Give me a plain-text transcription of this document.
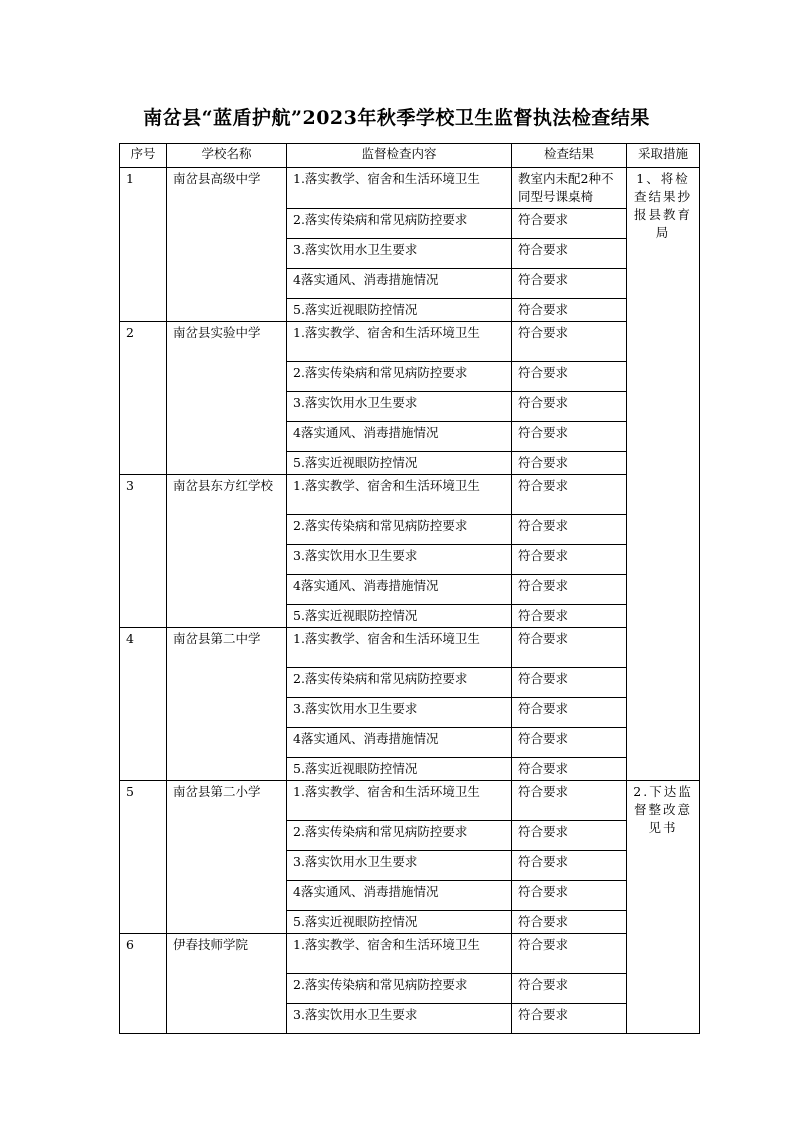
南岔县“蓝盾护航”2023年秋季学校卫生监督执法检查结果
序号	学校名称	监督检查内容	检查结果	采取措施
1	南岔县高级中学	1.落实教学、宿舍和生活环境卫生	教室内未配2种不同型号课桌椅	1、将检查结果抄报县教育局

		2.落实传染病和常见病防控要求	符合要求	
		3.落实饮用水卫生要求	符合要求	
		4落实通风、消毒措施情况	符合要求	
		5.落实近视眼防控情况	符合要求	
2	南岔县实验中学	1.落实教学、宿舍和生活环境卫生	符合要求	
		2.落实传染病和常见病防控要求	符合要求	
		3.落实饮用水卫生要求	符合要求	
		4落实通风、消毒措施情况	符合要求	
		5.落实近视眼防控情况	符合要求	
3	南岔县东方红学校	1.落实教学、宿舍和生活环境卫生	符合要求	
		2.落实传染病和常见病防控要求	符合要求	
		3.落实饮用水卫生要求	符合要求	
		4落实通风、消毒措施情况	符合要求	
		5.落实近视眼防控情况	符合要求	
4	南岔县第二中学	1.落实教学、宿舍和生活环境卫生	符合要求	
		2.落实传染病和常见病防控要求	符合要求	
		3.落实饮用水卫生要求	符合要求	
		4落实通风、消毒措施情况	符合要求	
		5.落实近视眼防控情况	符合要求	
5	南岔县第二小学	1.落实教学、宿舍和生活环境卫生	符合要求	2.下达监督整改意见书

		2.落实传染病和常见病防控要求	符合要求	
		3.落实饮用水卫生要求	符合要求	
		4落实通风、消毒措施情况	符合要求	
		5.落实近视眼防控情况	符合要求	
6	伊春技师学院	1.落实教学、宿舍和生活环境卫生	符合要求	
		2.落实传染病和常见病防控要求	符合要求	
		3.落实饮用水卫生要求	符合要求	
